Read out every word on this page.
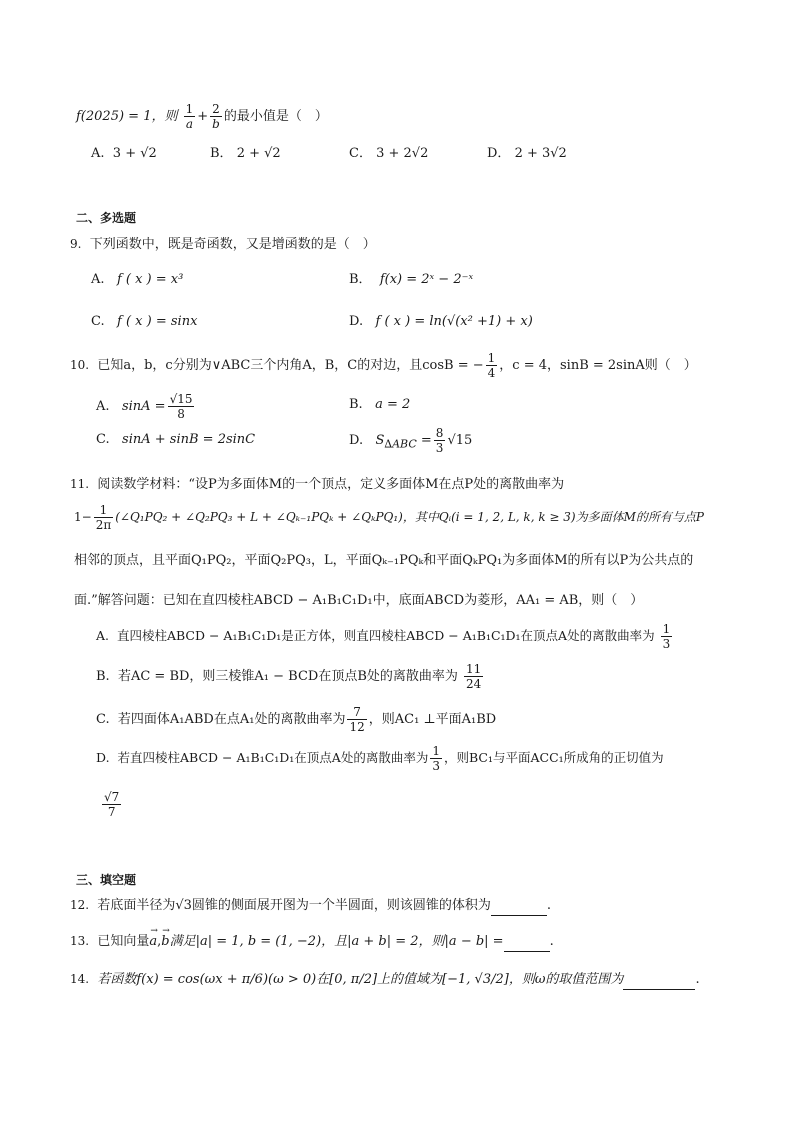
f(2025) = 1，则 $\frac{1}{a} + \frac{2}{b}$ 的最小值是（　）
A. 3 + √2	B． 2 + √2	C． 3 + 2√2	D． 2 + 3√2
二、多选题
9. 下列函数中，既是奇函数，又是增函数的是（　）
A. f ( x ) = x³	B． f(x) = 2ˣ − 2⁻ˣ
C. f ( x ) = sinx	D. f ( x ) = ln(√(x² +1) + x)
10. 已知a，b，c分别为∨ABC三个内角A，B，C的对边，且cosB = − $\frac{1}{4}$ ，c = 4，sinB = 2sinA则（　）
A. $\sin A = \frac{√15}{8}$	B. a = 2
C. sinA + sinB = 2sinC	D. $S_{\Delta ABC} = \frac{8}{3} √15$
11. 阅读数学材料：“设P为多面体M的一个顶点，定义多面体M在点P处的离散曲率为
$1- \frac{1}{2\pi}$ (∠Q₁PQ₂ + ∠Q₂PQ₃ + L + ∠Qₖ₋₁PQₖ + ∠QₖPQ₁)，其中Qᵢ(i = 1, 2, L, k, k ≥ 3)为多面体M的所有与点P
相邻的顶点，且平面Q₁PQ₂，平面Q₂PQ₃，L，平面Qₖ₋₁PQₖ和平面QₖPQ₁为多面体M的所有以P为公共点的
面.”解答问题：已知在直四棱柱ABCD − A₁B₁C₁D₁中，底面ABCD为菱形，AA₁ = AB，则（　）
A. 直四棱柱ABCD − A₁B₁C₁D₁是正方体，则直四棱柱ABCD − A₁B₁C₁D₁在顶点A处的离散曲率为 $\frac{1}{3}$
B. 若AC = BD，则三棱锥A₁ − BCD在顶点B处的离散曲率为 $\frac{11}{24}$
C. 若四面体A₁ABD在点A₁处的离散曲率为 $\frac{7}{12}$ ，则AC₁ ⊥平面A₁BD
D. 若直四棱柱ABCD − A₁B₁C₁D₁在顶点A处的离散曲率为 $\frac{1}{3}$ ，则BC₁与平面ACC₁所成角的正切值为
$\frac{√7}{7}$
三、填空题
12. 若底面半径为√3圆锥的侧面展开图为一个半圆面，则该圆锥的体积为	.
13. 已知向量→ a,→ b满足|a| = 1, b = (1, −2)，且|a + b| = 2，则|a − b| =	.
14. 若函数f(x) = cos(ωx + π/6)(ω > 0)在[0, π/2]上的值域为[−1, √3/2]，则ω的取值范围为	.
